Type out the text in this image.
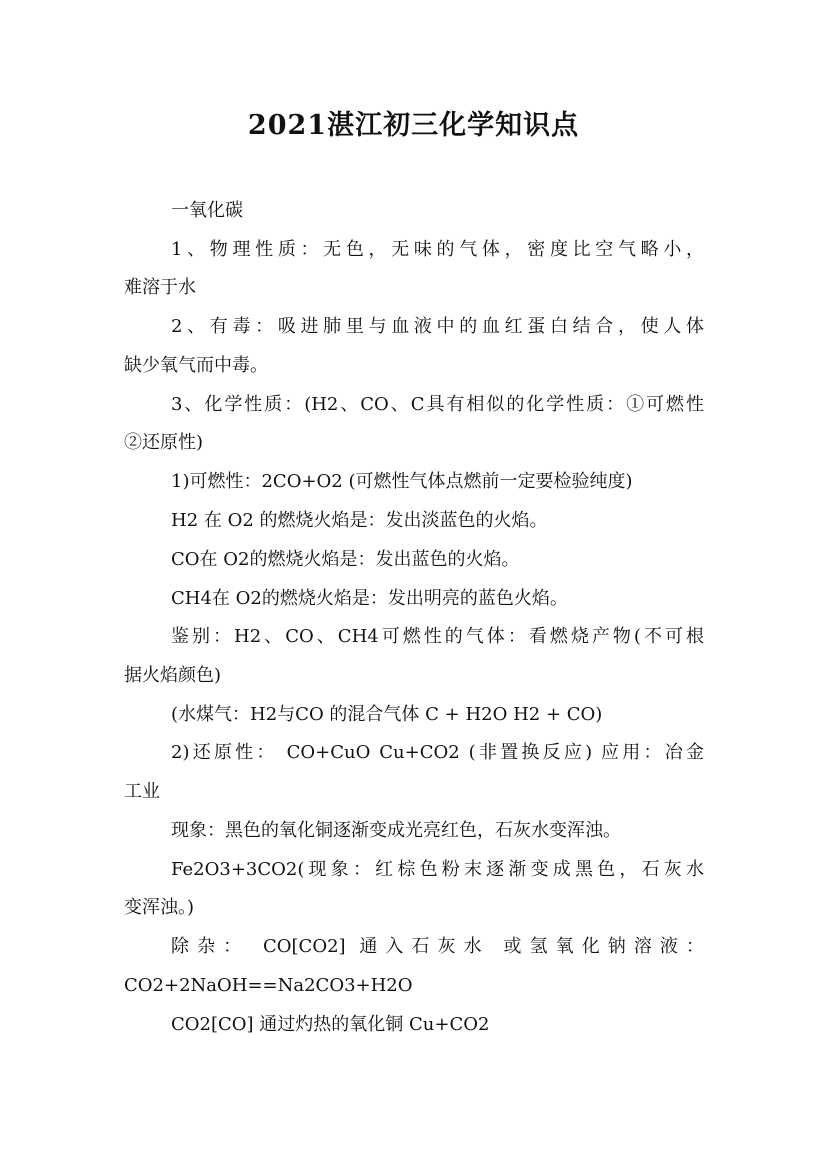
2021湛江初三化学知识点
一氧化碳
1、物理性质：无色，无味的气体，密度比空气略小，
难溶于水
2、有毒：吸进肺里与血液中的血红蛋白结合，使人体
缺少氧气而中毒。
3、化学性质：(H2、CO、C具有相似的化学性质：①可燃性
②还原性)
1)可燃性：2CO+O2 (可燃性气体点燃前一定要检验纯度)
H2 在 O2 的燃烧火焰是：发出淡蓝色的火焰。
CO在 O2的燃烧火焰是：发出蓝色的火焰。
CH4在 O2的燃烧火焰是：发出明亮的蓝色火焰。
鉴别：H2、CO、CH4可燃性的气体：看燃烧产物(不可根
据火焰颜色)
(水煤气：H2与CO 的混合气体 C + H2O H2 + CO)
2)还原性： CO+CuO Cu+CO2 (非置换反应) 应用：冶金
工业
现象：黑色的氧化铜逐渐变成光亮红色，石灰水变浑浊。
Fe2O3+3CO2(现象：红棕色粉末逐渐变成黑色，石灰水
变浑浊。)
除杂： CO[CO2] 通入石灰水 或氢氧化钠溶液：
CO2+2NaOH==Na2CO3+H2O
CO2[CO] 通过灼热的氧化铜 Cu+CO2
